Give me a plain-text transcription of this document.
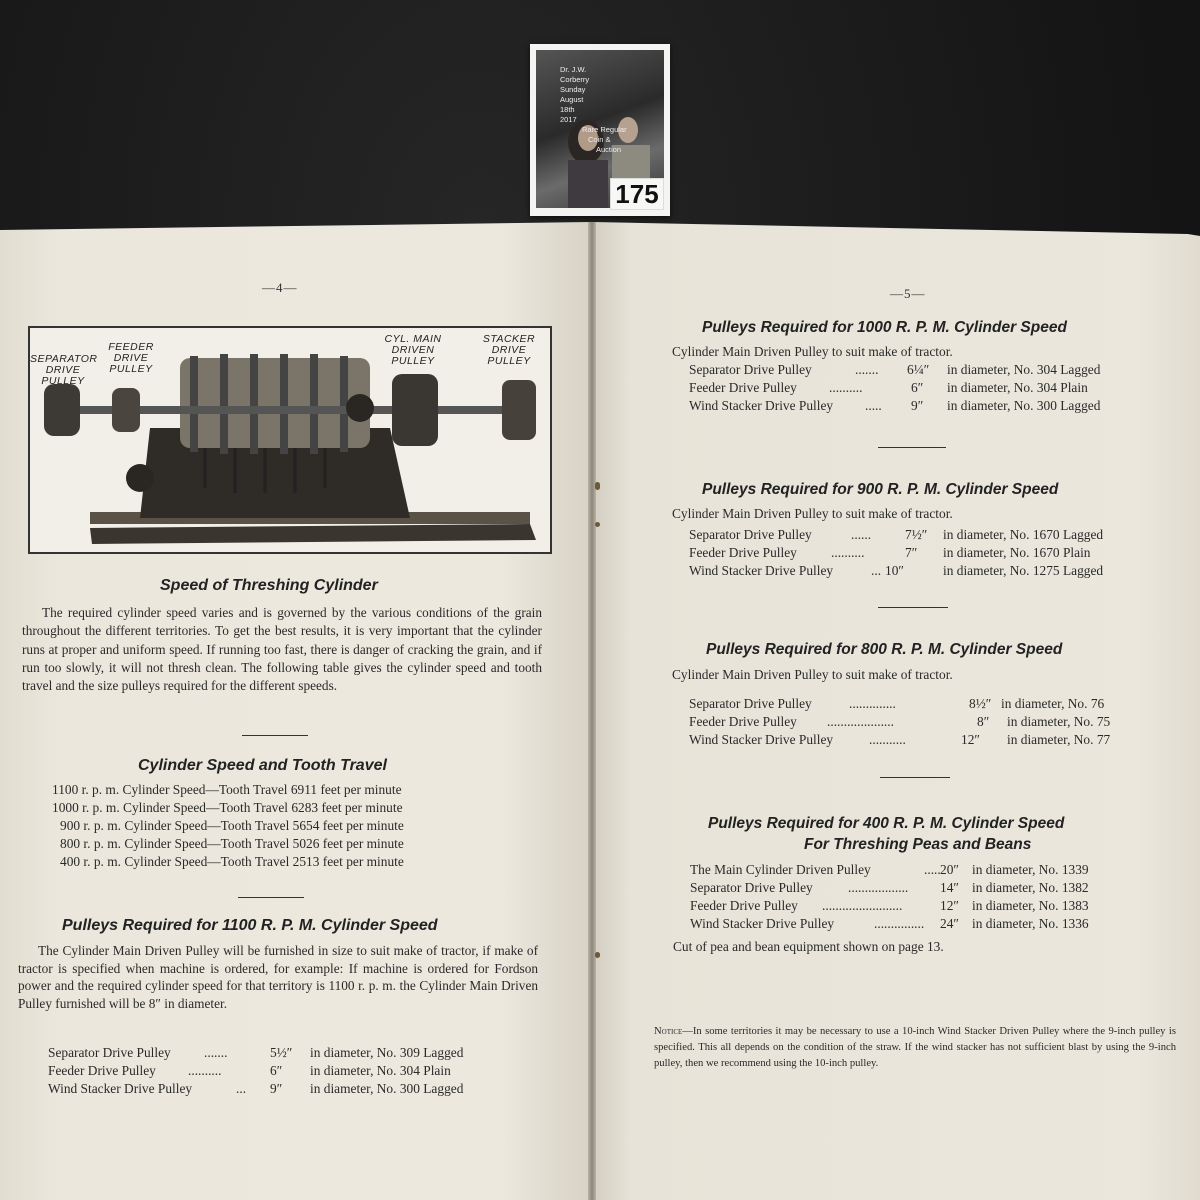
Dr. J.W.
Corberry
Sunday
August
18th
2017
Rare Regular
Coin &
Auction
175
—4—
SEPARATOR
DRIVE
PULLEY
FEEDER
DRIVE
PULLEY
CYL. MAIN
DRIVEN
PULLEY
STACKER
DRIVE
PULLEY
Speed of Threshing Cylinder
The required cylinder speed varies and is governed by the various conditions of the grain throughout the different territories. To get the best results, it is very important that the cylinder runs at proper and uniform speed. If running too fast, there is danger of cracking the grain, and if run too slowly, it will not thresh clean. The following table gives the cylinder speed and tooth travel and the size pulleys required for the different speeds.
Cylinder Speed and Tooth Travel
1100 r. p. m. Cylinder Speed—Tooth Travel 6911 feet per minute
1000 r. p. m. Cylinder Speed—Tooth Travel 6283 feet per minute
900 r. p. m. Cylinder Speed—Tooth Travel 5654 feet per minute
800 r. p. m. Cylinder Speed—Tooth Travel 5026 feet per minute
400 r. p. m. Cylinder Speed—Tooth Travel 2513 feet per minute
Pulleys Required for 1100 R. P. M. Cylinder Speed
The Cylinder Main Driven Pulley will be furnished in size to suit make of tractor, if make of tractor is specified when machine is ordered, for example: If machine is ordered for Fordson power and the required cylinder speed for that territory is 1100 r. p. m. the Cylinder Main Driven Pulley furnished will be 8″ in diameter.
Separator Drive Pulley .......	5½″ in diameter, No. 309 Lagged
Feeder Drive Pulley ..........	6″ in diameter, No. 304 Plain
Wind Stacker Drive Pulley	... 9″ in diameter, No. 300 Lagged
—5—
Pulleys Required for 1000 R. P. M. Cylinder Speed
Cylinder Main Driven Pulley to suit make of tractor.
Separator Drive Pulley	....... 6¼″ in diameter, No. 304 Lagged
Feeder Drive Pulley ..........	6″ in diameter, No. 304 Plain
Wind Stacker Drive Pulley ..... 9″ in diameter, No. 300 Lagged
Pulleys Required for 900 R. P. M. Cylinder Speed
Cylinder Main Driven Pulley to suit make of tractor.
Separator Drive Pulley	......	7½″ in diameter, No. 1670 Lagged
Feeder Drive Pulley	..........	7″ in diameter, No. 1670 Plain
Wind Stacker Drive Pulley	... 10″	in diameter, No. 1275 Lagged
Pulleys Required for 800 R. P. M. Cylinder Speed
Cylinder Main Driven Pulley to suit make of tractor.
Separator Drive Pulley	..............	8½″ in diameter, No. 76
Feeder Drive Pulley ....................	8″ in diameter, No. 75
Wind Stacker Drive Pulley	...........	12″ in diameter, No. 77
Pulleys Required for 400 R. P. M. Cylinder Speed
For Threshing Peas and Beans
The Main Cylinder Driven Pulley	..... 20″ in diameter, No. 1339
Separator Drive Pulley	.................. 14″ in diameter, No. 1382
Feeder Drive Pulley ........................	12″ in diameter, No. 1383
Wind Stacker Drive Pulley	............... 24″ in diameter, No. 1336
Cut of pea and bean equipment shown on page 13.
Notice—In some territories it may be necessary to use a 10-inch Wind Stacker Driven Pulley where the 9-inch pulley is specified. This all depends on the condition of the straw. If the wind stacker has not sufficient blast by using the 9-inch pulley, then we recommend using the 10-inch pulley.
